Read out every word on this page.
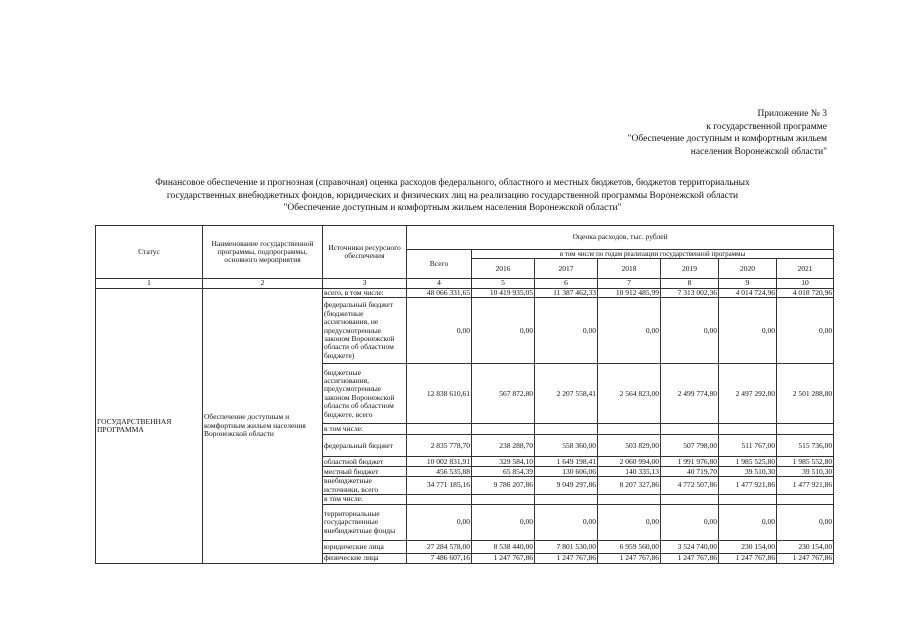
Приложение № 3
к государственной программе
"Обеспечение доступным и комфортным жильем
населения Воронежской области"
Финансовое обеспечение и прогнозная (справочная) оценка расходов федерального, областного и местных бюджетов, бюджетов территориальных
государственных внебюджетных фондов, юридических и физических лиц на реализацию государственной программы Воронежской области
"Обеспечение доступным и комфортным жильем населения Воронежской области"
Статус	Наименование государственной программы, подпрограммы, основного мероприятия	Источники ресурсного обеспечения	Оценка расходов, тыс. рублей						
			Всего	в том числе по годам реализации государственной программы					
				2016	2017	2018	2019	2020	2021
1	2	3	4	5	6	7	8	9	10
ГОСУДАРСТВЕННАЯ ПРОГРАММА	Обеспечение доступным и комфортным жильем населения Воронежской области	всего, в том числе:	48 066 331,65	10 419 935,05	11 387 462,33	10 912 485,99	7 313 002,36	4 014 724,96	4 018 720,96
		федеральный бюджет (бюджетные ассигнования, не предусмотренные законом Воронежской области об областном бюджете)	0,00	0,00	0,00	0,00	0,00	0,00	0,00
		бюджетные ассигнования, предусмотренные законом Воронежской области об областном бюджете, всего	12 838 610,61	567 872,80	2 207 558,41	2 564 823,00	2 499 774,80	2 497 292,80	2 501 288,80
		в том числе:							
		федеральный бюджет	2 835 778,70	238 288,70	558 360,00	503 829,00	507 798,00	511 767,00	515 736,00
		областной бюджет	10 002 831,91	329 584,10	1 649 198,41	2 060 994,00	1 991 976,80	1 985 525,80	1 985 552,80
		местный бюджет	456 535,88	65 854,39	130 606,06	140 335,13	40 719,70	39 510,30	39 510,30
		внебюджетные источники, всего	34 771 185,16	9 786 207,86	9 049 297,86	8 207 327,86	4 772 507,86	1 477 921,86	1 477 921,86
		в том числе:							
		территориальные государственные внебюджетные фонды	0,00	0,00	0,00	0,00	0,00	0,00	0,00
		юридические лица	27 284 578,00	8 538 440,00	7 801 530,00	6 959 560,00	3 524 740,00	230 154,00	230 154,00
		физические лица	7 486 607,16	1 247 767,86	1 247 767,86	1 247 767,86	1 247 767,86	1 247 767,86	1 247 767,86
